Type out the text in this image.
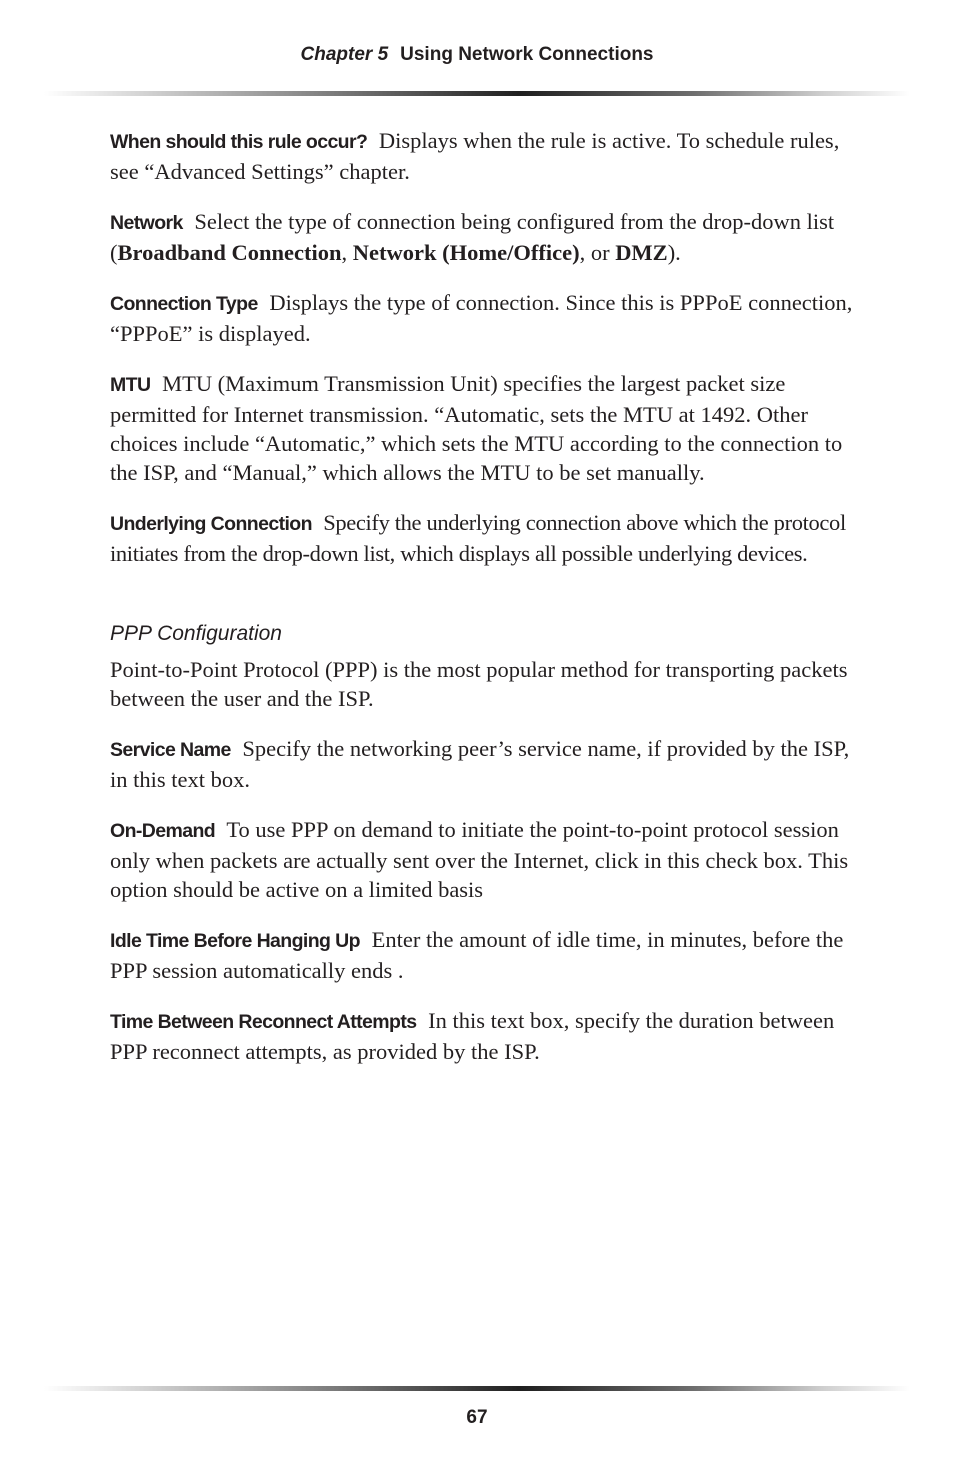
Chapter 5 Using Network Connections

When should this rule occur? Displays when the rule is active. To schedule rules, see “Advanced Settings” chapter.

Network Select the type of connection being configured from the drop-down list (Broadband Connection, Network (Home/Office), or DMZ).

Connection Type Displays the type of connection. Since this is PPPoE connection, “PPPoE” is displayed.

MTU MTU (Maximum Transmission Unit) specifies the largest packet size permitted for Internet transmission. “Automatic, sets the MTU at 1492. Other choices include “Automatic,” which sets the MTU according to the connection to the ISP, and “Manual,” which allows the MTU to be set manually.

Underlying Connection Specify the underlying connection above which the protocol initiates from the drop-down list, which displays all possible underlying devices.

PPP Configuration

Point-to-Point Protocol (PPP) is the most popular method for transporting packets between the user and the ISP.

Service Name Specify the networking peer’s service name, if provided by the ISP, in this text box.

On-Demand To use PPP on demand to initiate the point-to-point protocol session only when packets are actually sent over the Internet, click in this check box. This option should be active on a limited basis

Idle Time Before Hanging Up Enter the amount of idle time, in minutes, before the PPP session automatically ends .

Time Between Reconnect Attempts In this text box, specify the duration between PPP reconnect attempts, as provided by the ISP.

67
